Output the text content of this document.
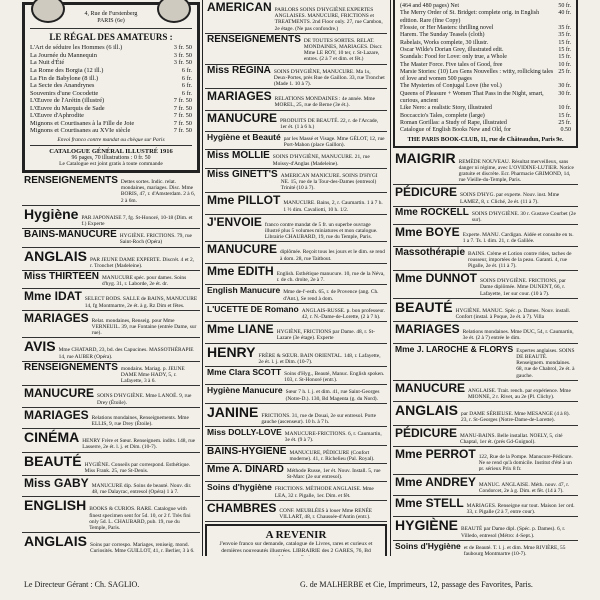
4, Rue de Furstenberg
PARIS (6e)
LE RÉGAL DES AMATEURS :
L'Art de séduire les Hommes (6 ill.)	3 fr. 50
La Journée du Mannequin	3 fr. 50
La Nuit d'Été	3 fr. 50
La Rome des Borgia (12 ill.)	6 fr.
La Fin de Babylone (8 ill.)	6 fr.
La Secte des Anandrynes	6 fr.
Souvenirs d'une Cocodette	6 fr.
L'Œuvre de l'Arétin (illustré)	7 fr. 50
L'Œuvre du Marquis de Sade	7 fr. 50
L'Œuvre d'Aphrodite	7 fr. 50
Mignons et Courtisanes à la Fille de Joie	7 fr. 50
Mignons et Courtisanes au XVIe siècle	7 fr. 50
Envoi franco contre mandat ou chèque sur Paris
CATALOGUE GÉNÉRAL ILLUSTRÉ 1916
96 pages, 70 illustrations : 0 fr. 50
Le Catalogue est joint gratis à toute commande
RENSEIGNEMENTS Dettes sortes. Indic. relat. mondaines, mariages. Disc. Mme BORIS, 47, r. d'Amsterdam. 2 à 6, 2 à 6m.
Hygiène PAR JAPONAISE 7, fg. St-Honoré, 10-18 (Dim. et f.) Experte
BAINS-MANUCURE HYGIÈNE. FRICTIONS. 79, rue Saint-Roch (Opéra)
ANGLAIS PAR JEUNE DAME EXPERTE. Discrét. 4 et 2, r. Tronchet (Madeleine).
Miss THIRTEEN MANUCURE spéc. pour dames. Soins d'hyg. 31, r. Laborde, 2e ét. dr.
Mme IDAT SELECT BODS. SALLE de BAINS, MANUCURE 14, fg Montmartre, 2e ét. à g. Rz Dim et fêtes.
MARIAGES Relat. mondaines, Renseig. pour Mme VERNEUIL. 39, rue Fontaine (entrée Dame, sur rue).
AVIS Mme CHATARD, 23, bd. des Capucines. MASSOTHÉRAPIE 14, rue AUBER (Opéra).
RENSEIGNEMENTS mondains. Mariag. p. JEUNE DAME Mme HADY, 5, r. Lafayette, 3 à 6.
MANUCURE SOINS D'HYGIÈNE. Mme LANOÉ. 9, rue Drey (Étoile).
MARIAGES Relations mondaines, Renseignements. Mme ELLIS, 9, rue Drey (Étoile).
CINÉMA HENRY Frère et Sœur. Renseignem. indits. 148, rue Lasserre, 2e ét. l. j. et Dim. (10-7).
BEAUTÉ HYGIÈNE. Conseils par correspond. Esthétique. Miss Frank. 25, rue St-Denis.
Miss GABY MANUCURE dip. Soins de beauté. Nouv. dir. 48, rue Dalayrac, entresol (Opéra) 1 à 7.
ENGLISH BOOKS & CURIOS. RARE. Catalogue with finest specimen sent for 5d. 10, or 2 f. Très fini only 5d. L. CHAUBARD, pub. 19, rue du Temple, Paris.
ANGLAIS Soins par correspo. Mariages, reniseig. mond. Curiosités. Mme GUILLOT, 41, r. Berlier, 3 à 6.
AMERICAN PARLORS SOINS D'HYGIÈNE EXPERTES ANGLAISES. MANUCURE, FRICTIONS et TREATMENTS. 2nd Floor only. 27, rue Cambon, 2e étage. (Ne pas confondre.)
RENSEIGNEMENTS DE TOUTES SORTES. RELAT. MONDAINES, MARIAGES. Discr. Mme LE ROY, 10 ter, r. St-Lazare, entres. (2 à 7 et dim. et fêt.)
Miss RÉGINA SOINS D'HYGIÈNE, MANUCURE. Ma 1s, Deux-Portes, près Rue de Gaillon. 33, rue Tronchet (Made 1. 10 à 7).
MARIAGES RELATIONS MONDAINES : 4e année. Mme MOREL, 25, rue de Berne (3e ét.).
MANUCURE PRODUITS DE BEAUTÉ. 22, r. de l'Arcade, 1er ét. (1 à 6 h.)
Hygiène et Beauté par les Massé et Visage. Mme GÉLOT, 12, rue Port-Mahon (place Gaillon).
Miss MOLLIE SOINS D'HYGIÈNE, MANUCURE. 21, rue Moissy-d'Anglas (Madeleine).
Miss GINETT'S AMERICAN MANICURE. SOINS D'HYGI NE. 15, rue de la Tour-des-Dames (entresol) Trinité (10 à 7).
Mme PILLOT MANUCURE. Bains, 2, r. Caumartin. 1 à 7 h. 1 ½ dim. Cavaliotti, 10 h. 1/2.
J'ENVOIE franco contre mandat de 5 fr. un superbe ouvrage illustré plus 5 volumes miniatures et mon catalogue. Librairie CHAUBARD, 19, rue du Temple, Paris.
MANUCURE diplômée. Reçoit tous les jours et le dim. se rend à dom. 28, rue Taitbout.
Mme EDITH English. Esthétique manucure. 10, rue de la Néva, r. de ch. droite, 2e à 7.
English Manucure Mme de-l'-esth. 65, r. de Provence (ang. Ch. d'Ant.), Se rend à dom.
L'UCETTE DE Romano ANGLAIS-RUSSE. p. bon professeur. 42, r. N.-Dame-de-Lorette, (2 à 7 h).
Mme LIANE HYGIÈNE, FRICTIONS par Dame. 48, r. St-Lazare (3e étage). Experte
HENRY FRÈRE & SŒUR. BAIN ORIENTAL. 148, r. Lafayette, 2e ét. l. j. et Dim. (10-7).
Mme Clara SCOTT Soins d'Hyg., Beauté, Manuc. English spoken. 103, r. St-Honoré (entr.).
Hygiène Manucure Sœur 7 h. l. j. et dim. 41, rue Saint-Georges (Notre-D.). 130, Bd Magenta (g. du Nord).
JANINE FRICTIONS. 31, rue de Douai, 2e sur entresol. Porte gauche (ascenseur). 10 h. à 7 h.
Miss DOLLY-LOVE MANUCURE-FRICTIONS. 6, r. Caumartin, 3e ét. (9 à 7).
BAINS-HYGIÈNE MANUCURE, PÉDICURE (Confort moderne). 41, r. Richelieu (Pal. Royal).
Mme A. DINARD Méthode Russe, 1er ét. Nouv. Install. 5, rue St-Marc (2e sur entresol).
Soins d'hygiène FRICTIONS. MÉTHODE ANGLAISE. Mme LEA, 32 r. Pigalle, 1er. Dim. et fêt.
CHAMBRES CONF. MEUBLÉES à louer Mme RENÉE VILLART, 48, r. Chaussée-d'Antin (entr.).
A REVENIR
J'envoie franco sur demande, catalogue de Livres, rares et curieux et dernières nouveautés illustrées. LIBRAIRIE des 2 GARES, 76, Bd
(464 and 480 pages) Net	50 fr.
The Merry Order of St. Bridget: complete orig. in English edition. Rare (fine Copy)
40 fr.
Flossie, or Her Masters: thrilling novel	35 fr.
Harem. The Sunday Teasels (cloth)	35 fr.
Rabelais, Works complete, 30 illustr.	15 fr.
Oscar Wilde's Dorian Grey, illustrated edit.	15 fr.
Scandals: Food for Love: only true, a Whole	15 fr.
The Master Force. Five tales of Good, free	10 fr.
Marsie Stories: (10) Les Gens Nouvelles : witty, rollicking tales of love and women 500 pages
25 fr.
The Mysteries of Conjugal Love (the vol.)	30 fr.
Queens of Pleasure + Women That Pass in the Night, smart, curious, ancient
30 fr.
Like Nero: a realistic Story, illustrated	10 fr.
Boccaccio's Tales, complete (large)	15 fr.
Roman Gorillas: a Study of Rape, illustrated	25 fr.
Catalogue of English Books New and Old, for	0.50
THE PARIS BOOK-CLUB, 11, rue de Châteaudun, Paris 9e.
MAIGRIR REMÈDE NOUVEAU. Résultat merveilleux, sans danger ni régime, avec L'OVIDINE-LUTIER. Notice gratuite et discrète. Ecr. Pharmacie GRIMOND, 14, rue Vieille-du-Temple, Paris.
PÉDICURE SOINS D'HYG. par experte. Nouv. inst. Mme LAMEZ, 8, r. Cliché, 2e ét. (11 à 7).
Mme ROCKELL SOINS D'HYGIÈNE. 30 r. Gustave Courbet (2e sur).
Mme BOYE Experte. MANU. Cardigan. Aidée et consulte en ts. 1 a 7. Ts. l. dim. 21, r. de Galilée.
Massothérapie BAINS. Crème et Lotion contre rides, taches de rousseur, importées de la peau. Garanti. 4, rue Pigalle, 2e ét. (11 à 7).
Mme DUNNOT SOINS D'HYGIÈNE. FRICTIONS, par Dame diplômée. Mme DUNENT, 66, r. Lafayette, 1er sur cour. (10 à 7).
BEAUTÉ HYGIÈNE. MANUC. Spéc. p. Dames. Nouv. install. Confort (instal. à Poque, 2e ét. à 7). Villa
MARIAGES Relations mondaines. Mme DUC, 54, r. Caumartin, 3e ét. (2 à 7) entrée le dim.
Mme J. LAROCHE & FLORYS Expertes anglaises. SOINS DE BEAUTÉ. Renseignem. mondaines. 68, rue de Chabrol, 2e ét. à gauche.
MANUCURE ANGLAISE. Trait. rench. par expérience. Mme MIONNE, 2 r. Rivet, au 2e (Pl. Clichy).
ANGLAIS par DAME SÉRIEUSE. Mme MESANGE (4 à 8). 23, r. St-Georges (Notre-Dame-de-Lorette).
PÉDICURE MANU-BAINS. Belle installat. NOELY, 5, cité Chaptal, 1er ét. (prés Gd-Guignol).
Mme PERROT 122, Rue de la Pompe. Manucure-Pédicure. Ne se rend qu'à domicile. Institut d'été à un pr. sérieux Prix 8 fr.
Mme ANDREY MANUC. ANGLAISE. Méth. nouv. 47, r. Condorcet, 2e à g. Dim. et fêt. (14 à 7).
Mme STELL MARIAGES. Renseigne sur tout. Maison 1er ord. 33, r. Pigalle (2 à 7, entre cour).
HYGIÈNE BEAUTÉ par Dame dipl. (Spéc. p. Dames). 6, r. Villedo, entresol (Métro: 4-Sept.).
Soins d'Hygiène et de Beauté. T. l. j. et dim. Mme RIVIÈRE, 55 faubourg Montmartre (10-7).
Le Directeur Gérant : Ch. SAGLIO.	G. de MALHERBE et Cie, Imprimeurs, 12, passage des Favorites, Paris.
